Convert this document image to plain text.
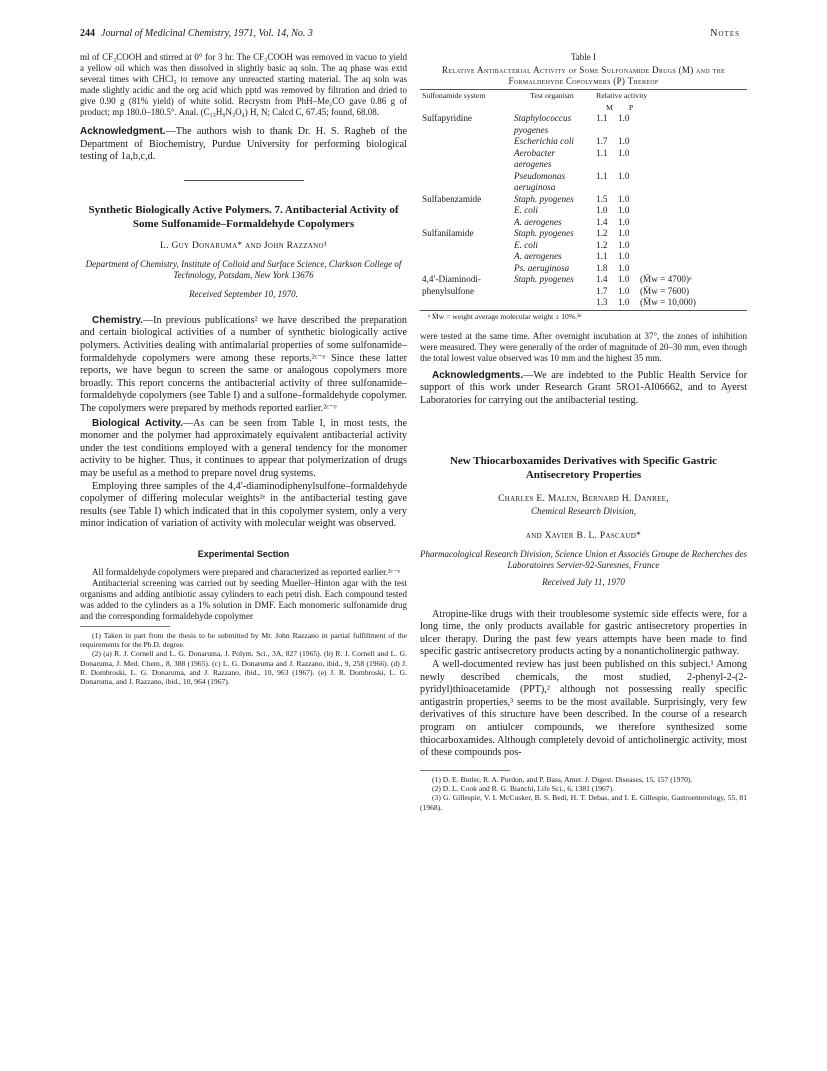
244 Journal of Medicinal Chemistry, 1971, Vol. 14, No. 3	Notes

ml of CF₃COOH and stirred at 0° for 3 hr. The CF₃COOH was removed in vacuo to yield a yellow oil which was then dissolved in slightly basic aq soln. The aq phase was extd several times with CHCl₃ to remove any unreacted starting material. The aq soln was made slightly acidic and the org acid which pptd was removed by filtration and dried to give 0.90 g (81% yield) of white solid. Recrystn from PhH–Me₂CO gave 0.86 g of product; mp 180.0–180.5°. Anal. (C₁₃H₉N₃O₄) H, N; Calcd C, 67.45; found, 68.08.

Acknowledgment.—The authors wish to thank Dr. H. S. Ragheb of the Department of Biochemistry, Purdue University for performing biological testing of 1a,b,c,d.

Synthetic Biologically Active Polymers. 7. Antibacterial Activity of Some Sulfonamide–Formaldehyde Copolymers

L. Guy Donaruma* and John Razzano¹

Department of Chemistry, Institute of Colloid and Surface Science, Clarkson College of Technology, Potsdam, New York 13676

Received September 10, 1970.

Chemistry.—In previous publications² we have described the preparation and certain biological activities of a number of synthetic biologically active polymers. Activities dealing with antimalarial properties of some sulfonamide–formaldehyde copolymers were among these reports.²ᶜ⁻ᵉ Since these latter reports, we have begun to screen the same or analogous copolymers more broadly. This report concerns the antibacterial activity of three sulfonamide–formaldehyde copolymers (see Table I) and a sulfone–formaldehyde copolymer. The copolymers were prepared by methods reported earlier.²ᶜ⁻ᵉ

Biological Activity.—As can be seen from Table I, in most tests, the monomer and the polymer had approximately equivalent antibacterial activity under the test conditions employed with a general tendency for the monomer activity to be higher. Thus, it continues to appear that polymerization of drugs may be useful as a method to prepare novel drug systems.

Employing three samples of the 4,4′-diaminodiphenylsulfone–formaldehyde copolymer of differing molecular weights²ᵉ in the antibacterial testing gave results (see Table I) which indicated that in this copolymer system, only a very minor indication of variation of activity with molecular weight was observed.

Experimental Section

All formaldehyde copolymers were prepared and characterized as reported earlier.²ᶜ⁻ᵉ

Antibacterial screening was carried out by seeding Mueller–Hinton agar with the test organisms and adding antibiotic assay cylinders to each petri dish. Each compound tested was added to the cylinders as a 1% solution in DMF. Each monomeric sulfonamide drug and the corresponding formaldehyde copolymer

(1) Taken in part from the thesis to be submitted by Mr. John Razzano in partial fulfillment of the requirements for the Ph.D. degree.

(2) (a) R. J. Cornell and L. G. Donaruma, J. Polym. Sci., 3A, 827 (1965). (b) R. J. Cornell and L. G. Donaruma, J. Med. Chem., 8, 388 (1965). (c) L. G. Donaruma and J. Razzano, ibid., 9, 258 (1966). (d) J. R. Dombroski, L. G. Donaruma, and J. Razzano, ibid., 10, 963 (1967). (e) J. R. Dombroski, L. G. Donaruma, and J. Razzano, ibid., 10, 964 (1967).

Table I

Relative Antibacterial Activity of Some Sulfonamide Drugs (M) and the Formaldehyde Copolymers (P) Thereof

Sulfonamide system	Test organism	Relative activity
M P		
Sulfapyridine	Staphylococcus pyogenes	1.1	1.0	
	Escherichia coli	1.7	1.0	
	Aerobacter aerogenes	1.1	1.0	
	Pseudomonas aeruginosa	1.1	1.0	
Sulfabenzamide	Staph. pyogenes	1.5	1.0	
	E. coli	1.0	1.0	
	A. aerogenes	1.4	1.0	
Sulfanilamide	Staph. pyogenes	1.2	1.0	
	E. coli	1.2	1.0	
	A. aerogenes	1.1	1.0	
	Ps. aeruginosa	1.8	1.0	
4,4′-Diaminodi-	Staph. pyogenes	1.4	1.0	(M̄w = 4700)ᵃ
phenylsulfone		1.7	1.0	(M̄w = 7600)
		1.3	1.0	(M̄w = 10,000)

ᵃ M̄w = weight average molecular weight ± 10%.²ᵉ

were tested at the same time. After overnight incubation at 37°, the zones of inhibition were measured. They were generally of the order of magnitude of 20–30 mm, even though the total lowest value observed was 10 mm and the highest 35 mm.

Acknowledgments.—We are indebted to the Public Health Service for support of this work under Research Grant 5RO1-AI06662, and to Ayerst Laboratories for carrying out the antibacterial testing.

New Thiocarboxamides Derivatives with Specific Gastric Antisecretory Properties

Charles E. Malen, Bernard H. Danree,

Chemical Research Division,

and Xavier B. L. Pascaud*

Pharmacological Research Division, Science Union et Associés Groupe de Recherches des Laboratoires Servier-92-Suresnes, France

Received July 11, 1970

Atropine-like drugs with their troublesome systemic side effects were, for a long time, the only products available for gastric antisecretory properties in ulcer therapy. During the past few years attempts have been made to find specific gastric antisecretory products acting by a nonanticholinergic pathway.

A well-documented review has just been published on this subject.¹ Among newly described chemicals, the most studied, 2-phenyl-2-(2-pyridyl)thioacetamide (PPT),² although not possessing really specific antigastrin properties,³ seems to be the most available. Surprisingly, very few derivatives of this structure have been described. In the course of a research program on antiulcer compounds, we therefore synthesized some thiocarboxamides. Although completely devoid of anticholinergic activity, most of these compounds pos-

(1) D. E. Butler, R. A. Purdon, and P. Bass, Amer. J. Digest. Diseases, 15, 157 (1970).

(2) D. L. Cook and R. G. Bianchi, Life Sci., 6, 1381 (1967).

(3) G. Gillespie, V. I. McCusker, B. S. Bedi, H. T. Debas, and I. E. Gillespie, Gastroenterology, 55, 81 (1968).
